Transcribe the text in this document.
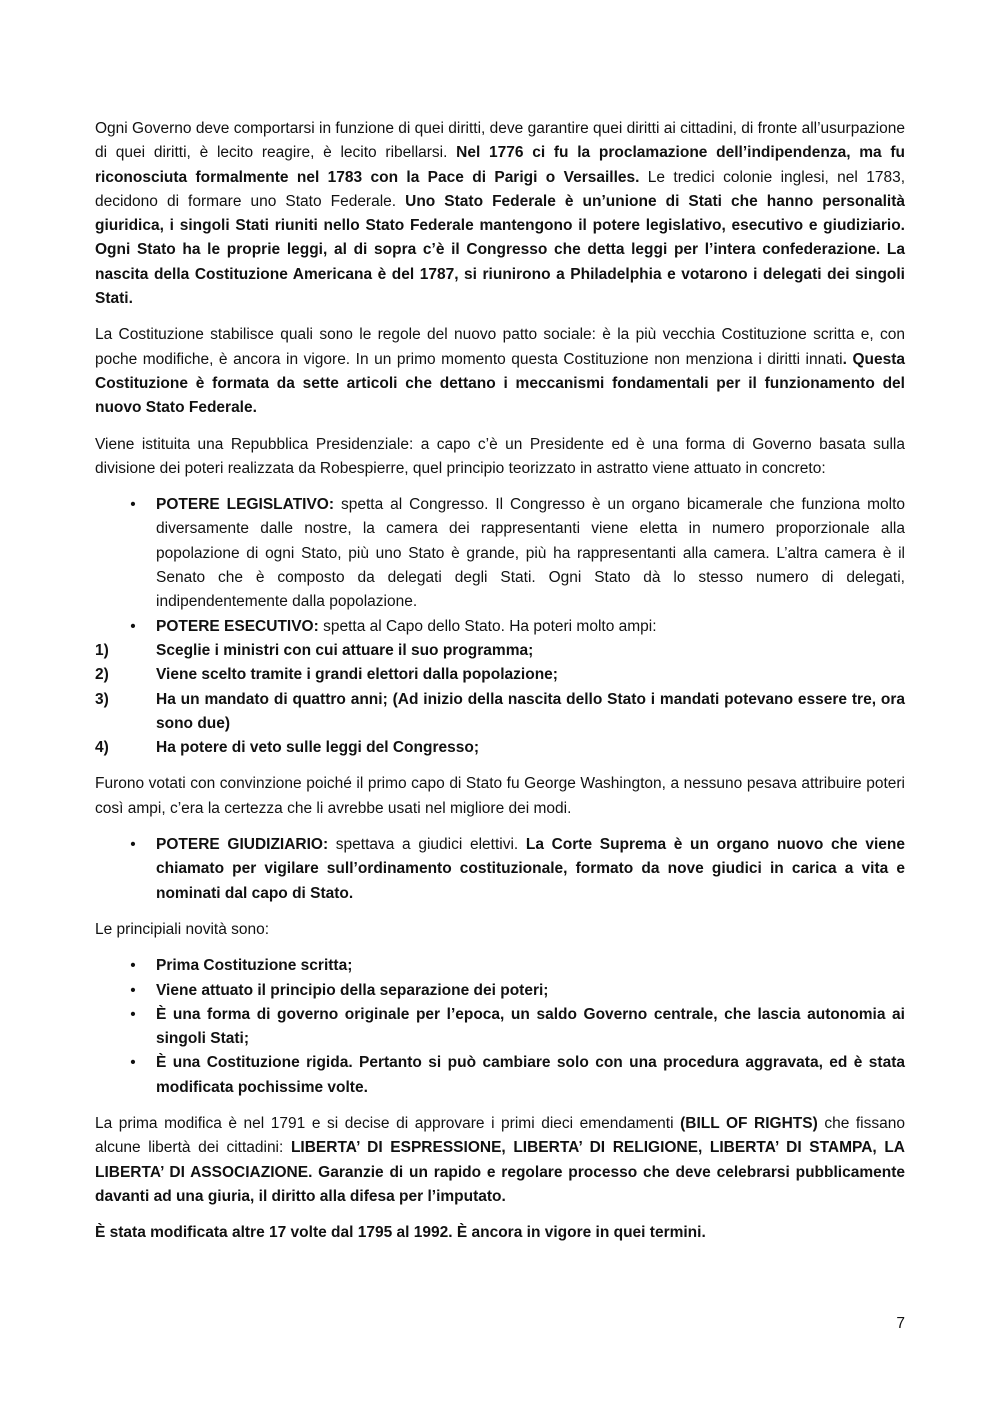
Ogni Governo deve comportarsi in funzione di quei diritti, deve garantire quei diritti ai cittadini, di fronte all’usurpazione di quei diritti, è lecito reagire, è lecito ribellarsi. Nel 1776 ci fu la proclamazione dell’indipendenza, ma fu riconosciuta formalmente nel 1783 con la Pace di Parigi o Versailles. Le tredici colonie inglesi, nel 1783, decidono di formare uno Stato Federale. Uno Stato Federale è un’unione di Stati che hanno personalità giuridica, i singoli Stati riuniti nello Stato Federale mantengono il potere legislativo, esecutivo e giudiziario. Ogni Stato ha le proprie leggi, al di sopra c’è il Congresso che detta leggi per l’intera confederazione. La nascita della Costituzione Americana è del 1787, si riunirono a Philadelphia e votarono i delegati dei singoli Stati.

La Costituzione stabilisce quali sono le regole del nuovo patto sociale: è la più vecchia Costituzione scritta e, con poche modifiche, è ancora in vigore. In un primo momento questa Costituzione non menziona i diritti innati. Questa Costituzione è formata da sette articoli che dettano i meccanismi fondamentali per il funzionamento del nuovo Stato Federale.

Viene istituita una Repubblica Presidenziale: a capo c’è un Presidente ed è una forma di Governo basata sulla divisione dei poteri realizzata da Robespierre, quel principio teorizzato in astratto viene attuato in concreto:

•	POTERE LEGISLATIVO: spetta al Congresso. Il Congresso è un organo bicamerale che funziona molto diversamente dalle nostre, la camera dei rappresentanti viene eletta in numero proporzionale alla popolazione di ogni Stato, più uno Stato è grande, più ha rappresentanti alla camera. L’altra camera è il Senato che è composto da delegati degli Stati. Ogni Stato dà lo stesso numero di delegati, indipendentemente dalla popolazione.
•	POTERE ESECUTIVO: spetta al Capo dello Stato. Ha poteri molto ampi:
1)	Sceglie i ministri con cui attuare il suo programma;
2)	Viene scelto tramite i grandi elettori dalla popolazione;
3)	Ha un mandato di quattro anni; (Ad inizio della nascita dello Stato i mandati potevano essere tre, ora sono due)
4)	Ha potere di veto sulle leggi del Congresso;

Furono votati con convinzione poiché il primo capo di Stato fu George Washington, a nessuno pesava attribuire poteri così ampi, c’era la certezza che li avrebbe usati nel migliore dei modi.

•	POTERE GIUDIZIARIO: spettava a giudici elettivi. La Corte Suprema è un organo nuovo che viene chiamato per vigilare sull’ordinamento costituzionale, formato da nove giudici in carica a vita e nominati dal capo di Stato.

Le principiali novità sono:

•	Prima Costituzione scritta;
•	Viene attuato il principio della separazione dei poteri;
•	È una forma di governo originale per l’epoca, un saldo Governo centrale, che lascia autonomia ai singoli Stati;
•	È una Costituzione rigida. Pertanto si può cambiare solo con una procedura aggravata, ed è stata modificata pochissime volte.

La prima modifica è nel 1791 e si decise di approvare i primi dieci emendamenti (BILL OF RIGHTS) che fissano alcune libertà dei cittadini: LIBERTA’ DI ESPRESSIONE, LIBERTA’ DI RELIGIONE, LIBERTA’ DI STAMPA, LA LIBERTA’ DI ASSOCIAZIONE. Garanzie di un rapido e regolare processo che deve celebrarsi pubblicamente davanti ad una giuria, il diritto alla difesa per l’imputato.

È stata modificata altre 17 volte dal 1795 al 1992. È ancora in vigore in quei termini.

7
